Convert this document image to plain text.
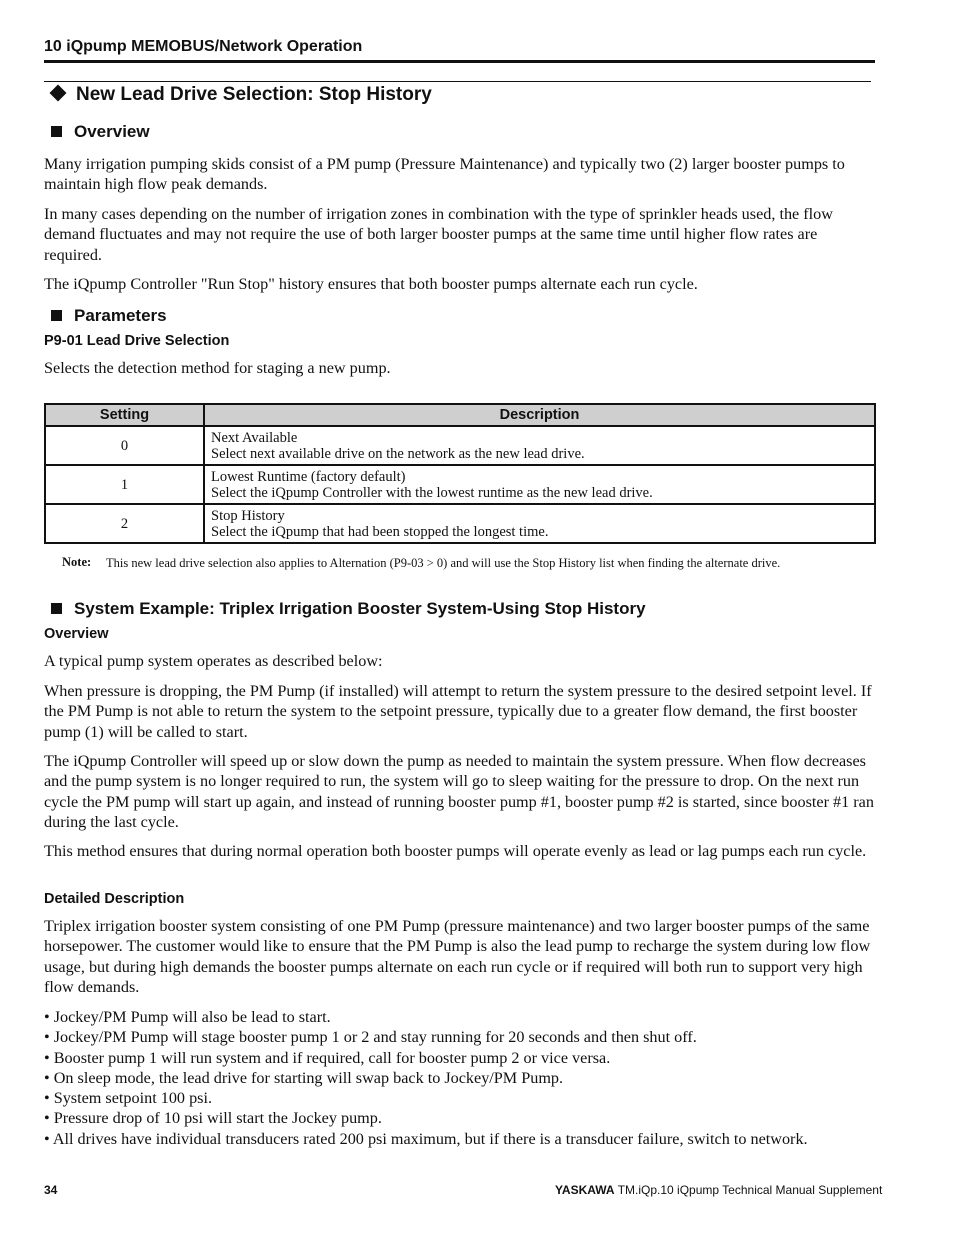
10 iQpump MEMOBUS/Network Operation
New Lead Drive Selection: Stop History
Overview
Many irrigation pumping skids consist of a PM pump (Pressure Maintenance) and typically two (2) larger booster pumps to maintain high flow peak demands.
In many cases depending on the number of irrigation zones in combination with the type of sprinkler heads used, the flow demand fluctuates and may not require the use of both larger booster pumps at the same time until higher flow rates are required.
The iQpump Controller "Run Stop" history ensures that both booster pumps alternate each run cycle.
Parameters
P9-01 Lead Drive Selection
Selects the detection method for staging a new pump.
Setting	Description
0	Next Available
Select next available drive on the network as the new lead drive.

1	Lowest Runtime (factory default)
Select the iQpump Controller with the lowest runtime as the new lead drive.

2	Stop History
Select the iQpump that had been stopped the longest time.
Note: This new lead drive selection also applies to Alternation (P9-03 > 0) and will use the Stop History list when finding the alternate drive.
System Example: Triplex Irrigation Booster System-Using Stop History
Overview
A typical pump system operates as described below:
When pressure is dropping, the PM Pump (if installed) will attempt to return the system pressure to the desired setpoint level. If the PM Pump is not able to return the system to the setpoint pressure, typically due to a greater flow demand, the first booster pump (1) will be called to start.
The iQpump Controller will speed up or slow down the pump as needed to maintain the system pressure. When flow decreases and the pump system is no longer required to run, the system will go to sleep waiting for the pressure to drop. On the next run cycle the PM pump will start up again, and instead of running booster pump #1, booster pump #2 is started, since booster #1 ran during the last cycle.
This method ensures that during normal operation both booster pumps will operate evenly as lead or lag pumps each run cycle.
Detailed Description
Triplex irrigation booster system consisting of one PM Pump (pressure maintenance) and two larger booster pumps of the same horsepower. The customer would like to ensure that the PM Pump is also the lead pump to recharge the system during low flow usage, but during high demands the booster pumps alternate on each run cycle or if required will both run to support very high flow demands.
• Jockey/PM Pump will also be lead to start.
• Jockey/PM Pump will stage booster pump 1 or 2 and stay running for 20 seconds and then shut off.
• Booster pump 1 will run system and if required, call for booster pump 2 or vice versa.
• On sleep mode, the lead drive for starting will swap back to Jockey/PM Pump.
• System setpoint 100 psi.
• Pressure drop of 10 psi will start the Jockey pump.
• All drives have individual transducers rated 200 psi maximum, but if there is a transducer failure, switch to network.
34	YASKAWA TM.iQp.10 iQpump Technical Manual Supplement
